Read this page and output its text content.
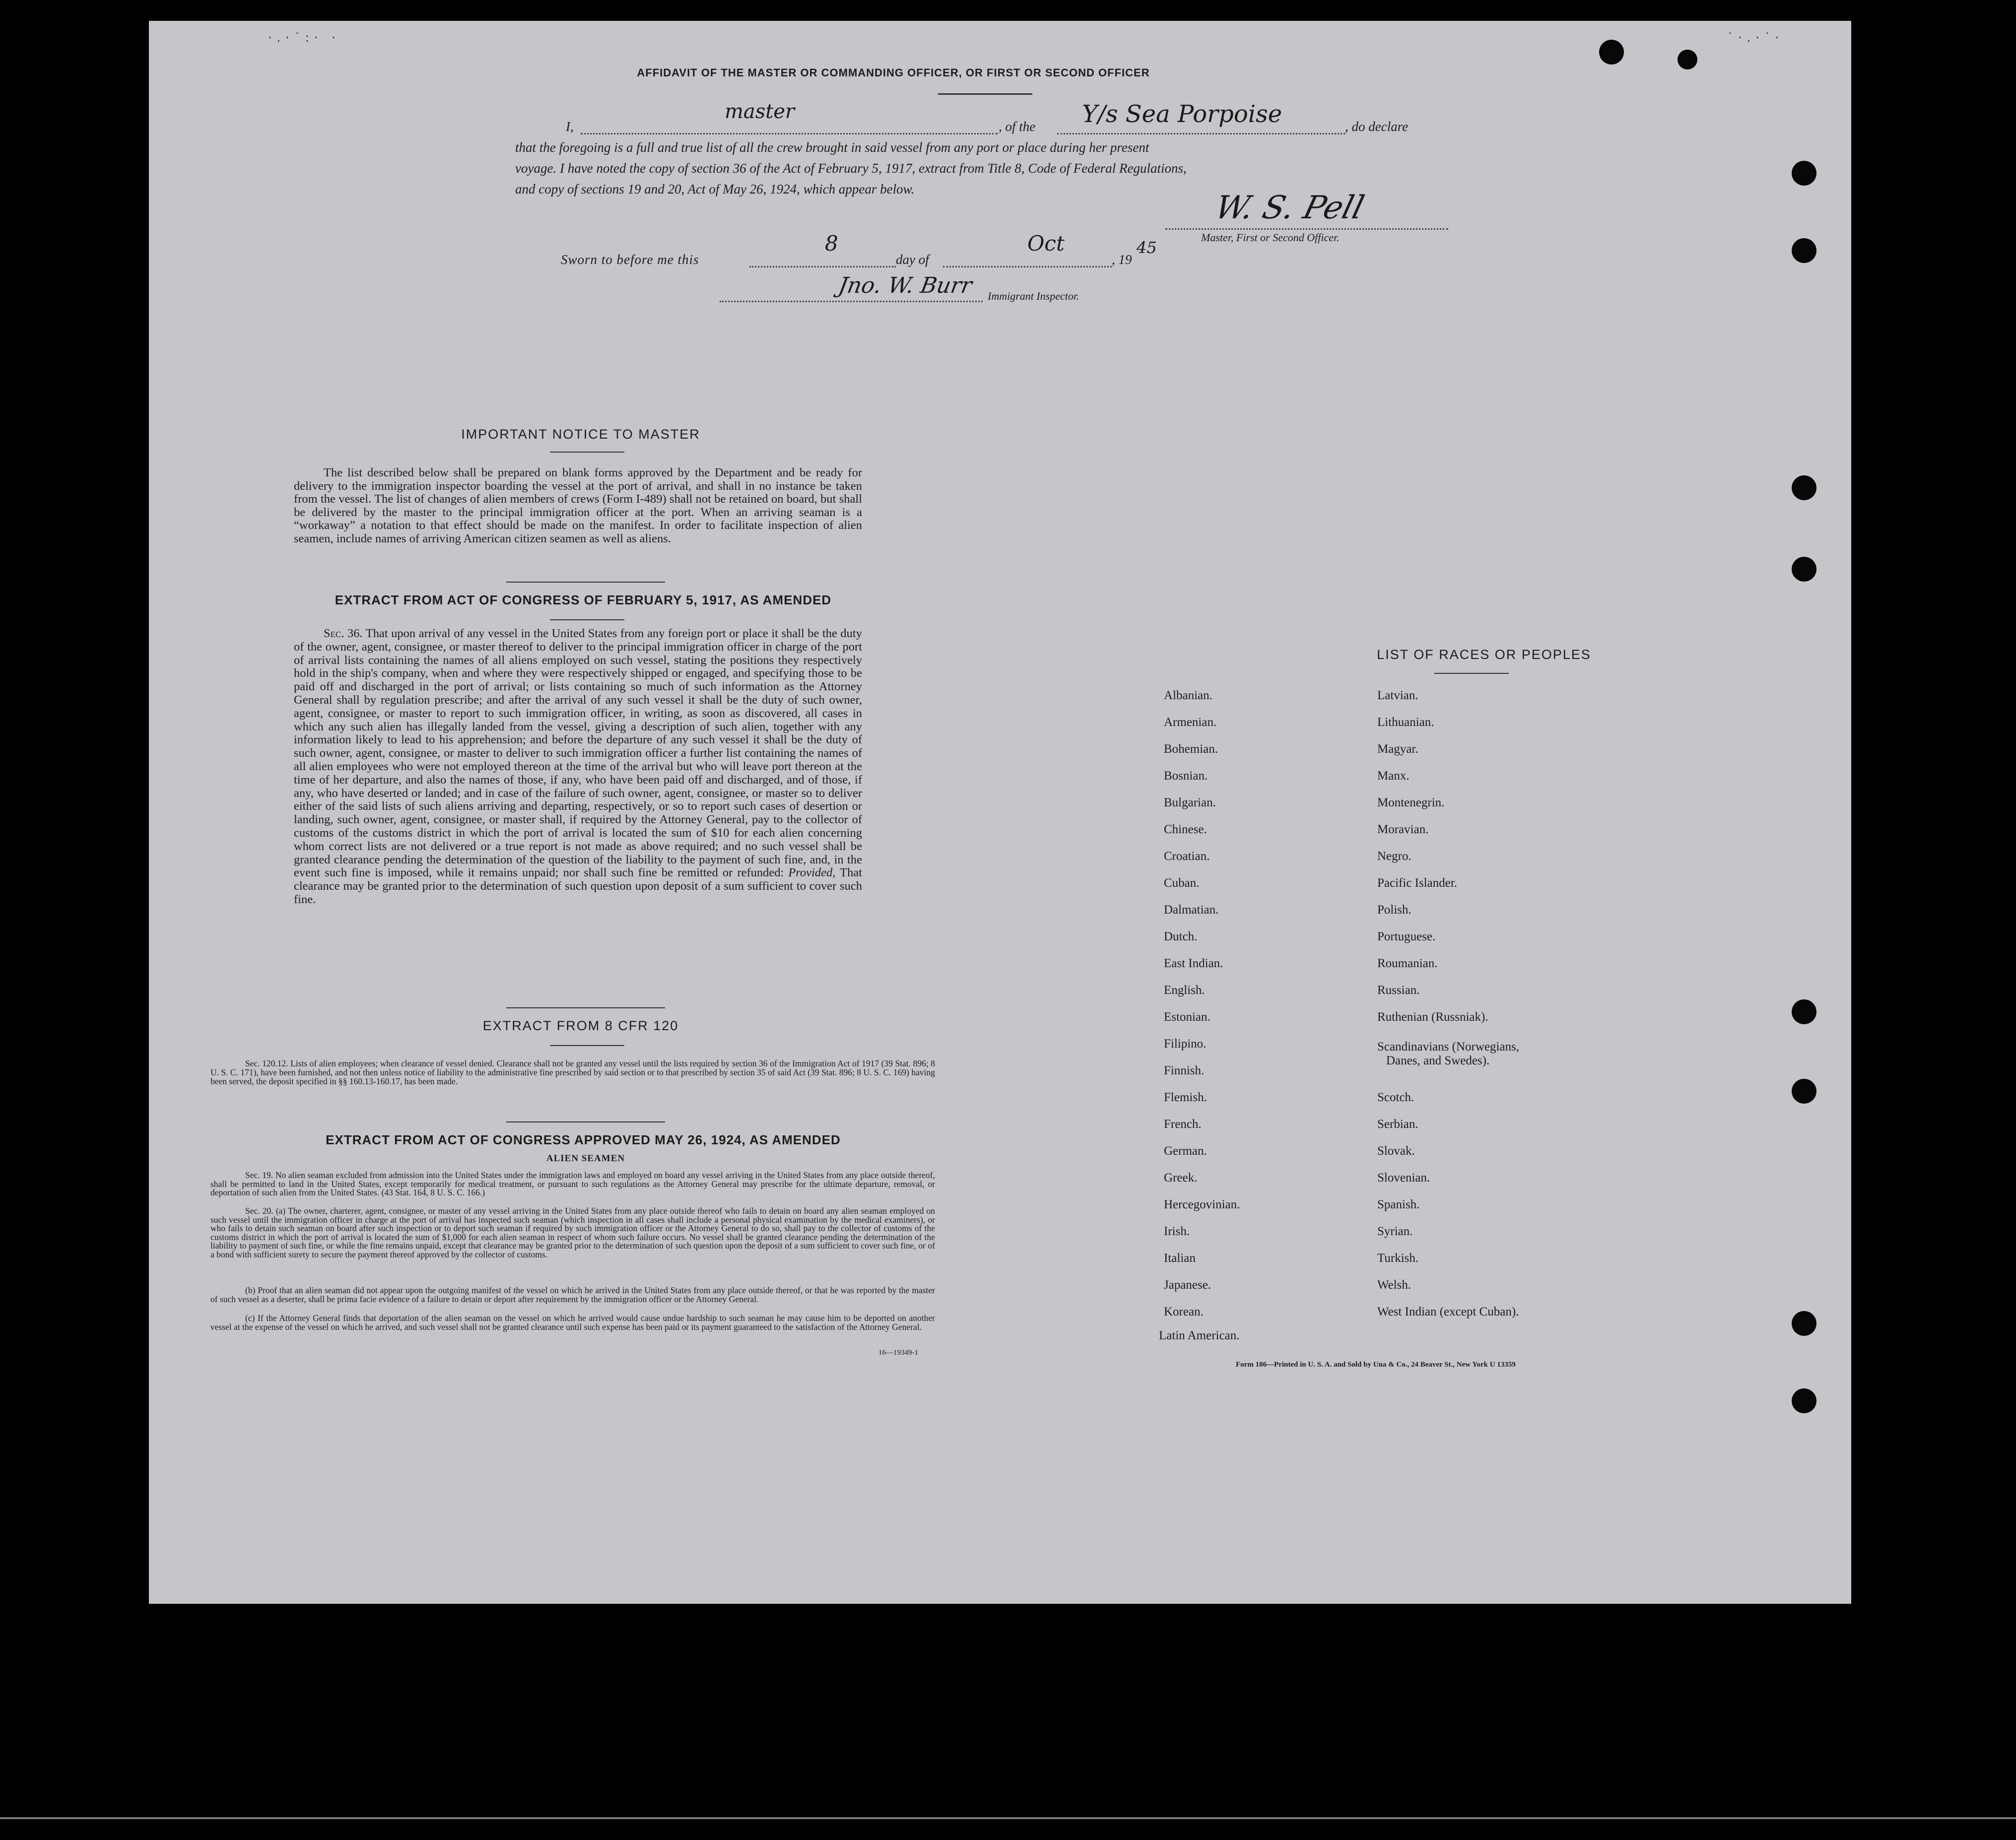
·.·˙:· ·	˙·.·˙·
AFFIDAVIT OF THE MASTER OR COMMANDING OFFICER, OR FIRST OR SECOND OFFICER
I,
master
, of the Y/s Sea Porpoise	, do declare
that the foregoing is a full and true list of all the crew brought in said vessel from any port or place during her present
voyage. I have noted the copy of section 36 of the Act of February 5, 1917, extract from Title 8, Code of Federal Regulations,
and copy of sections 19 and 20, Act of May 26, 1924, which appear below.
W. S. Pell
Master, First or Second Officer.
Sworn to before me this
8
day of
Oct
, 19
45
Jno. W. Burr Immigrant Inspector.
IMPORTANT NOTICE TO MASTER
The list described below shall be prepared on blank forms approved by the Department and be ready for delivery to the immigration inspector boarding the vessel at the port of arrival, and shall in no instance be taken from the vessel. The list of changes of alien members of crews (Form I-489) shall not be retained on board, but shall be delivered by the master to the principal immigration officer at the port. When an arriving seaman is a “workaway” a notation to that effect should be made on the manifest. In order to facilitate inspection of alien seamen, include names of arriving American citizen seamen as well as aliens.
EXTRACT FROM ACT OF CONGRESS OF FEBRUARY 5, 1917, AS AMENDED
Sec. 36. That upon arrival of any vessel in the United States from any foreign port or place it shall be the duty of the owner, agent, consignee, or master thereof to deliver to the principal immigration officer in charge of the port of arrival lists containing the names of all aliens employed on such vessel, stating the positions they respectively hold in the ship's company, when and where they were respectively shipped or engaged, and specifying those to be paid off and discharged in the port of arrival; or lists containing so much of such information as the Attorney General shall by regulation prescribe; and after the arrival of any such vessel it shall be the duty of such owner, agent, consignee, or master to report to such immigration officer, in writing, as soon as discovered, all cases in which any such alien has illegally landed from the vessel, giving a description of such alien, together with any information likely to lead to his apprehension; and before the departure of any such vessel it shall be the duty of such owner, agent, consignee, or master to deliver to such immigration officer a further list containing the names of all alien employees who were not employed thereon at the time of the arrival but who will leave port thereon at the time of her departure, and also the names of those, if any, who have been paid off and discharged, and of those, if any, who have deserted or landed; and in case of the failure of such owner, agent, consignee, or master so to deliver either of the said lists of such aliens arriving and departing, respectively, or so to report such cases of desertion or landing, such owner, agent, consignee, or master shall, if required by the Attorney General, pay to the collector of customs of the customs district in which the port of arrival is located the sum of $10 for each alien concerning whom correct lists are not delivered or a true report is not made as above required; and no such vessel shall be granted clearance pending the determination of the question of the liability to the payment of such fine, and, in the event such fine is imposed, while it remains unpaid; nor shall such fine be remitted or refunded: Provided, That clearance may be granted prior to the determination of such question upon deposit of a sum sufficient to cover such fine.
EXTRACT FROM 8 CFR 120
Sec. 120.12. Lists of alien employees; when clearance of vessel denied. Clearance shall not be granted any vessel until the lists required by section 36 of the Immigration Act of 1917 (39 Stat. 896; 8 U. S. C. 171), have been furnished, and not then unless notice of liability to the administrative fine prescribed by said section or to that prescribed by section 35 of said Act (39 Stat. 896; 8 U. S. C. 169) having been served, the deposit specified in §§ 160.13-160.17, has been made.
EXTRACT FROM ACT OF CONGRESS APPROVED MAY 26, 1924, AS AMENDED
ALIEN SEAMEN
Sec. 19. No alien seaman excluded from admission into the United States under the immigration laws and employed on board any vessel arriving in the United States from any place outside thereof, shall be permitted to land in the United States, except temporarily for medical treatment, or pursuant to such regulations as the Attorney General may prescribe for the ultimate departure, removal, or deportation of such alien from the United States. (43 Stat. 164, 8 U. S. C. 166.)
Sec. 20. (a) The owner, charterer, agent, consignee, or master of any vessel arriving in the United States from any place outside thereof who fails to detain on board any alien seaman employed on such vessel until the immigration officer in charge at the port of arrival has inspected such seaman (which inspection in all cases shall include a personal physical examination by the medical examiners), or who fails to detain such seaman on board after such inspection or to deport such seaman if required by such immigration officer or the Attorney General to do so, shall pay to the collector of customs of the customs district in which the port of arrival is located the sum of $1,000 for each alien seaman in respect of whom such failure occurs. No vessel shall be granted clearance pending the determination of the liability to payment of such fine, or while the fine remains unpaid, except that clearance may be granted prior to the determination of such question upon the deposit of a sum sufficient to cover such fine, or of a bond with sufficient surety to secure the payment thereof approved by the collector of customs.
(b) Proof that an alien seaman did not appear upon the outgoing manifest of the vessel on which he arrived in the United States from any place outside thereof, or that he was reported by the master of such vessel as a deserter, shall be prima facie evidence of a failure to detain or deport after requirement by the immigration officer or the Attorney General.
(c) If the Attorney General finds that deportation of the alien seaman on the vessel on which he arrived would cause undue hardship to such seaman he may cause him to be deported on another vessel at the expense of the vessel on which he arrived, and such vessel shall not be granted clearance until such expense has been paid or its payment guaranteed to the satisfaction of the Attorney General.
16—19349-1
LIST OF RACES OR PEOPLES
Albanian.
Armenian.
Bohemian.
Bosnian.
Bulgarian.
Chinese.
Croatian.
Cuban.
Dalmatian.
Dutch.
East Indian.
English.
Estonian.
Filipino.
Finnish.
Flemish.
French.
German.
Greek.
Hercegovinian.
Irish.
Italian
Japanese.
Korean.
Latin American.
Latvian.
Lithuanian.
Magyar.
Manx.
Montenegrin.
Moravian.
Negro.
Pacific Islander.
Polish.
Portuguese.
Roumanian.
Russian.
Ruthenian (Russniak).
Scandinavians (Norwegians,
Danes, and Swedes).
Scotch.
Serbian.
Slovak.
Slovenian.
Spanish.
Syrian.
Turkish.
Welsh.
West Indian (except Cuban).
Form 186—Printed in U. S. A. and Sold by Una & Co., 24 Beaver St., New York U 13359
